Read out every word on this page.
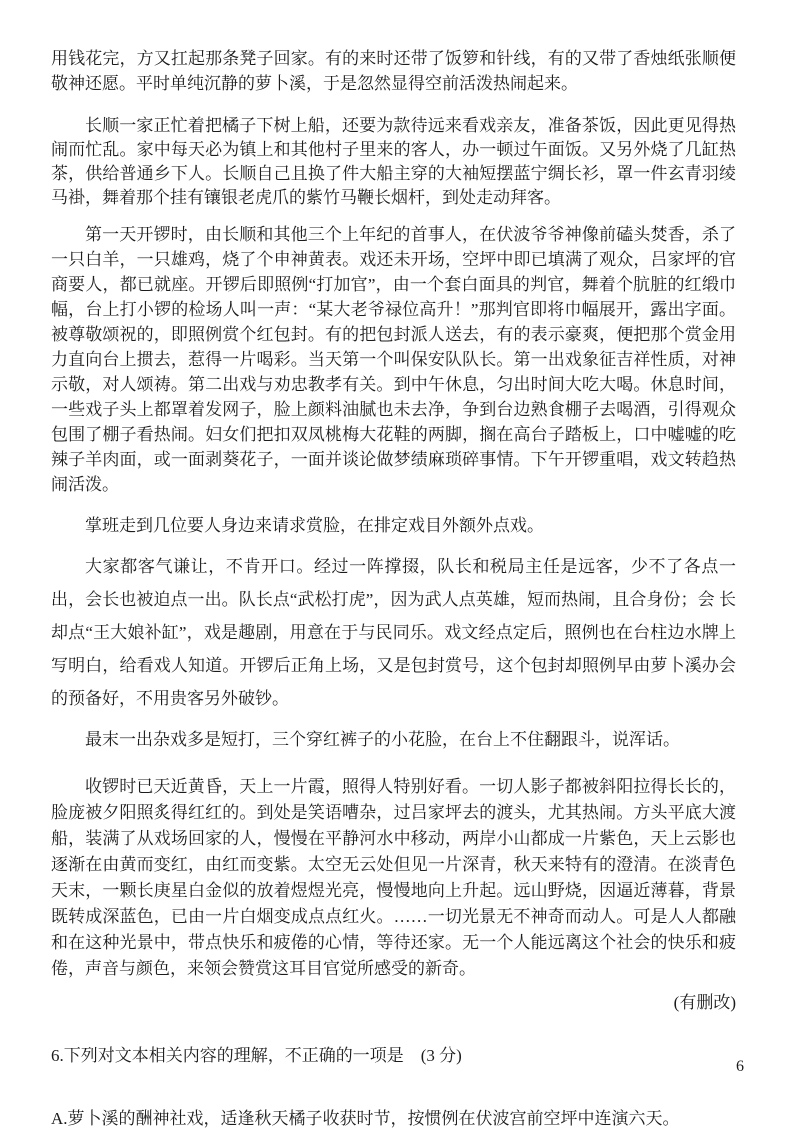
用钱花完，方又扛起那条凳子回家。有的来时还带了饭箩和针线，有的又带了香烛纸张顺便敬神还愿。平时单纯沉静的萝卜溪，于是忽然显得空前活泼热闹起来。

长顺一家正忙着把橘子下树上船，还要为款待远来看戏亲友，准备茶饭，因此更见得热闹而忙乱。家中每天必为镇上和其他村子里来的客人，办一顿过午面饭。又另外烧了几缸热茶，供给普通乡下人。长顺自己且换了件大船主穿的大袖短摆蓝宁绸长衫，罩一件玄青羽绫马褂，舞着那个挂有镶银老虎爪的紫竹马鞭长烟杆，到处走动拜客。

第一天开锣时，由长顺和其他三个上年纪的首事人，在伏波爷爷神像前磕头焚香，杀了一只白羊，一只雄鸡，烧了个申神黄表。戏还未开场，空坪中即已填满了观众，吕家坪的官商要人，都已就座。开锣后即照例“打加官”，由一个套白面具的判官，舞着个肮脏的红缎巾幅，台上打小锣的检场人叫一声：“某大老爷禄位高升！”那判官即将巾幅展开，露出字面。被尊敬颂祝的，即照例赏个红包封。有的把包封派人送去，有的表示豪爽，便把那个赏金用力直向台上掼去，惹得一片喝彩。当天第一个叫保安队队长。第一出戏象征吉祥性质，对神示敬，对人颂祷。第二出戏与劝忠教孝有关。到中午休息，匀出时间大吃大喝。休息时间，一些戏子头上都罩着发网子，脸上颜料油腻也未去净，争到台边熟食棚子去喝酒，引得观众包围了棚子看热闹。妇女们把扣双凤桃梅大花鞋的两脚，搁在高台子踏板上，口中嘘嘘的吃辣子羊肉面，或一面剥葵花子，一面并谈论做梦绩麻琐碎事情。下午开锣重唱，戏文转趋热闹活泼。

掌班走到几位要人身边来请求赏脸，在排定戏目外额外点戏。

大家都客气谦让，不肯开口。经过一阵撑掇，队长和税局主任是远客，少不了各点一 出，会长也被迫点一出。队长点“武松打虎”，因为武人点英雄，短而热闹，且合身份；会 长却点“王大娘补缸”，戏是趣剧，用意在于与民同乐。戏文经点定后，照例也在台柱边水牌上写明白，给看戏人知道。开锣后正角上场，又是包封赏号，这个包封却照例早由萝卜溪办会的预备好，不用贵客另外破钞。

最末一出杂戏多是短打，三个穿红裤子的小花脸，在台上不住翻跟斗，说浑话。

收锣时已天近黄昏，天上一片霞，照得人特别好看。一切人影子都被斜阳拉得长长的， 脸庞被夕阳照炙得红红的。到处是笑语嘈杂，过吕家坪去的渡头，尤其热闹。方头平底大渡船，装满了从戏场回家的人，慢慢在平静河水中移动，两岸小山都成一片紫色，天上云影也逐渐在由黄而变红，由红而变紫。太空无云处但见一片深青，秋天来特有的澄清。在淡青色天末，一颗长庚星白金似的放着煜煜光亮，慢慢地向上升起。远山野烧，因逼近薄暮，背景既转成深蓝色，已由一片白烟变成点点红火。……一切光景无不神奇而动人。可是人人都融和在这种光景中，带点快乐和疲倦的心情，等待还家。无一个人能远离这个社会的快乐和疲倦，声音与颜色，来领会赞赏这耳目官觉所感受的新奇。

(有删改)

6.下列对文本相关内容的理解，不正确的一项是　(3 分)

A.萝卜溪的酬神社戏，适逢秋天橘子收获时节，按惯例在伏波宫前空坪中连演六天。

6
